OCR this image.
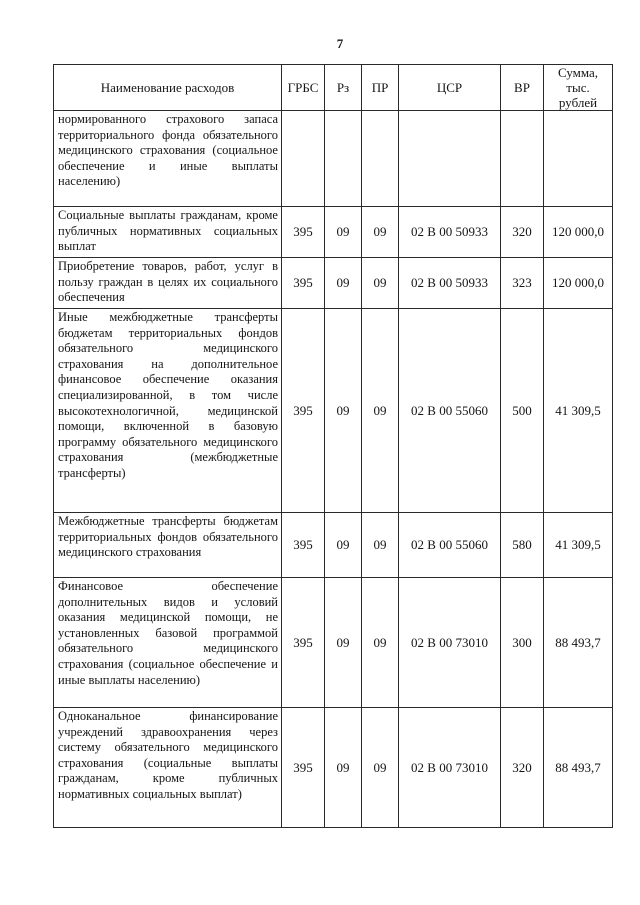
7
Наименование расходов	ГРБС	Рз	ПР	ЦСР	ВР	Сумма,
тыс. рублей

нормированного страхового запаса территориального фонда обязательного медицинского страхования (социальное обеспечение и иные выплаты населению)						
Социальные выплаты гражданам, кроме публичных нормативных социальных выплат	395	09	09	02 В 00 50933	320	120 000,0
Приобретение товаров, работ, услуг в пользу граждан в целях их социального обеспечения	395	09	09	02 В 00 50933	323	120 000,0
Иные межбюджетные трансферты бюджетам территориальных фондов обязательного медицинского страхования на дополнительное финансовое обеспечение оказания специализированной, в том числе высокотехнологичной, медицинской помощи, включенной в базовую программу обязательного медицинского страхования (межбюджетные трансферты)	395	09	09	02 В 00 55060	500	41 309,5
Межбюджетные трансферты бюджетам территориальных фондов обязательного медицинского страхования	395	09	09	02 В 00 55060	580	41 309,5
Финансовое обеспечение дополнительных видов и условий оказания медицинской помощи, не установленных базовой программой обязательного медицинского страхования (социальное обеспечение и иные выплаты населению)	395	09	09	02 В 00 73010	300	88 493,7
Одноканальное финансирование учреждений здравоохранения через систему обязательного медицинского страхования (социальные выплаты гражданам, кроме публичных нормативных социальных выплат)	395	09	09	02 В 00 73010	320	88 493,7
